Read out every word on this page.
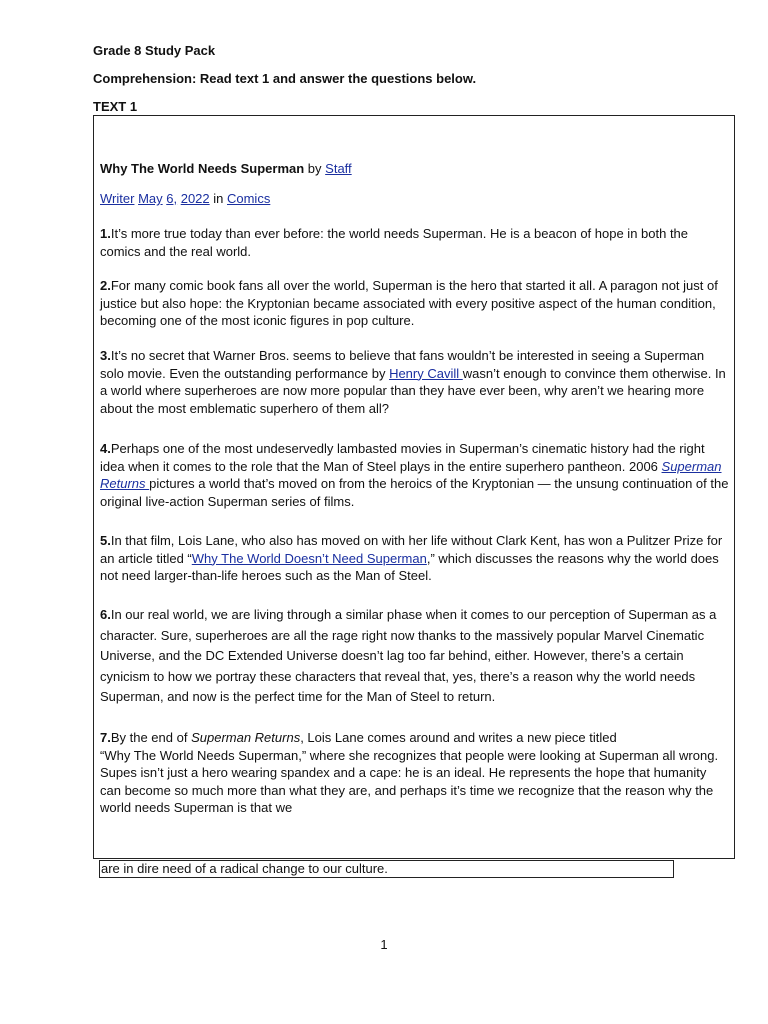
Grade 8 Study Pack
Comprehension: Read text 1 and answer the questions below.
TEXT 1
Why The World Needs Superman by Staff
Writer May 6, 2022 in Comics
1.It’s more true today than ever before: the world needs Superman. He is a beacon of hope in both the comics and the real world.
2.For many comic book fans all over the world, Superman is the hero that started it all. A paragon not just of justice but also hope: the Kryptonian became associated with every positive aspect of the human condition, becoming one of the most iconic figures in pop culture.
3.It’s no secret that Warner Bros. seems to believe that fans wouldn’t be interested in seeing a Superman solo movie. Even the outstanding performance by Henry Cavill wasn’t enough to convince them otherwise. In a world where superheroes are now more popular than they have ever been, why aren’t we hearing more about the most emblematic superhero of them all?
4.Perhaps one of the most undeservedly lambasted movies in Superman’s cinematic history had the right idea when it comes to the role that the Man of Steel plays in the entire superhero pantheon. 2006 Superman Returns pictures a world that’s moved on from the heroics of the Kryptonian — the unsung continuation of the original live-action Superman series of films.
5.In that film, Lois Lane, who also has moved on with her life without Clark Kent, has won a Pulitzer Prize for an article titled “Why The World Doesn’t Need Superman,” which discusses the reasons why the world does not need larger-than-life heroes such as the Man of Steel.
6.In our real world, we are living through a similar phase when it comes to our perception of Superman as a character. Sure, superheroes are all the rage right now thanks to the massively popular Marvel Cinematic Universe, and the DC Extended Universe doesn’t lag too far behind, either. However, there’s a certain cynicism to how we portray these characters that reveal that, yes, there’s a reason why the world needs Superman, and now is the perfect time for the Man of Steel to return.
7.By the end of Superman Returns, Lois Lane comes around and writes a new piece titled
“Why The World Needs Superman,” where she recognizes that people were looking at Superman all wrong. Supes isn’t just a hero wearing spandex and a cape: he is an ideal. He represents the hope that humanity can become so much more than what they are, and perhaps it’s time we recognize that the reason why the world needs Superman is that we
are in dire need of a radical change to our culture.
1
